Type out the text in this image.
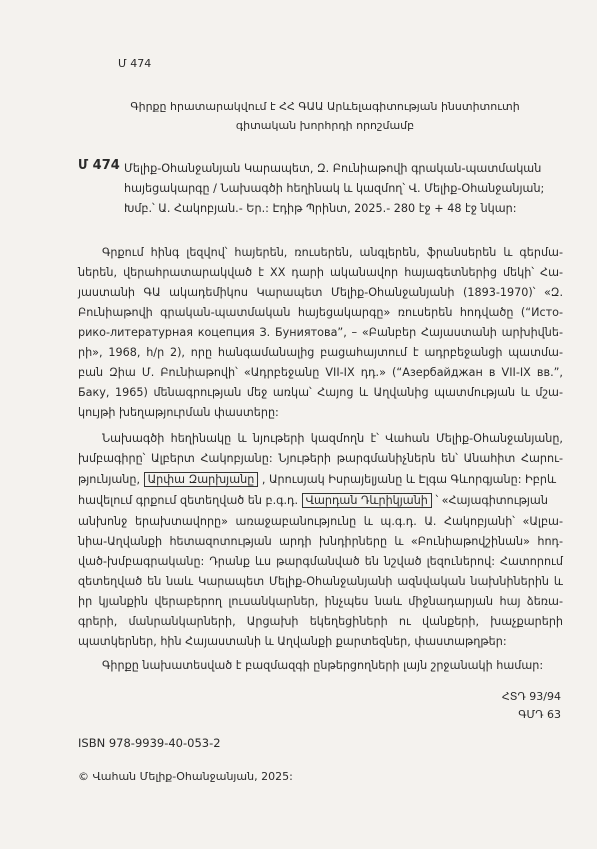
Մ 474
Գիրքը հրատարակվում է ՀՀ ԳԱԱ Արևելագիտության ինստիտուտի
գիտական խորհրդի որոշմամբ
Մ 474 Մելիք-Օհանջանյան Կարապետ, Զ. Բունիաթովի գրական-պատմական
հայեցակարգը / Նախագծի հեղինակ և կազմող՝ Վ. Մելիք-Օհանջանյան;
Խմբ.՝ Ա. Հակոբյան.- Եր.: Էդիթ Պրինտ, 2025.- 280 էջ + 48 էջ նկար:
Գրքում հինգ լեզվով՝ հայերեն, ռուսերեն, անգլերեն, ֆրանսերեն և գերմա-
ներեն, վերահրատարակված է XX դարի ականավոր հայագետներից մեկի՝ Հա-
յաստանի ԳԱ ակադեմիկոս Կարապետ Մելիք-Օհանջանյանի (1893-1970)՝ «Զ.
Բունիաթովի գրական-պատմական հայեցակարգը» ռուսերեն հոդվածը (“Исто-
рико-литературная коцепция З. Буниятова”, – «Բանբեր Հայաստանի արխիվնե-
րի», 1968, հ/ր 2), որը հանգամանալից բացահայտում է ադրբեջանցի պատմա-
բան Զիա Մ. Բունիաթովի՝ «Ադրբեջանը VII-IX դդ.» (“Азербайджан в VII-IX вв.”,
Баку, 1965) մենագրության մեջ առկա՝ Հայոց և Աղվանից պատմության և մշա-
կույթի խեղաթյուրման փաստերը:
Նախագծի հեղինակը և նյութերի կազմողն է՝ Վահան Մելիք-Օհանջանյանը,
խմբագիրը՝ Ալբերտ Հակոբյանը: Նյութերի թարգմանիչներն են՝ Անահիտ Հարու-
թյունյանը, Արփա Զարխյանը , Արուսյակ Իսրայելյանը և Էլգա Գևորգյանը: Իբրև
հավելում գրքում զետեղված են բ.գ.դ. Վարդան Դևրիկյանի ՝ «Հայագիտության
անխոնջ երախտավորը» առաջաբանությունը և պ.գ.դ. Ա. Հակոբյանի՝ «Ալբա-
նիա-Աղվանքի հետազոտության արդի խնդիրները և «Բունիաթովշինան» հոդ-
ված-խմբագրականը: Դրանք ևս թարգմանված են նշված լեզուներով: Հատորում
զետեղված են նաև Կարապետ Մելիք-Օհանջանյանի ազնվական նախնիներին և
իր կյանքին վերաբերող լուսանկարներ, ինչպես նաև միջնադարյան հայ ձեռա-
գրերի, մանրանկարների, Արցախի եկեղեցիների ու վանքերի, խաչքարերի
պատկերներ, հին Հայաստանի և Աղվանքի քարտեզներ, փաստաթղթեր:
Գիրքը նախատեսված է բազմազգի ընթերցողների լայն շրջանակի համար:
ՀՏԴ 93/94
ԳՄԴ 63
ISBN 978-9939-40-053-2
© Վահան Մելիք-Օհանջանյան, 2025:
